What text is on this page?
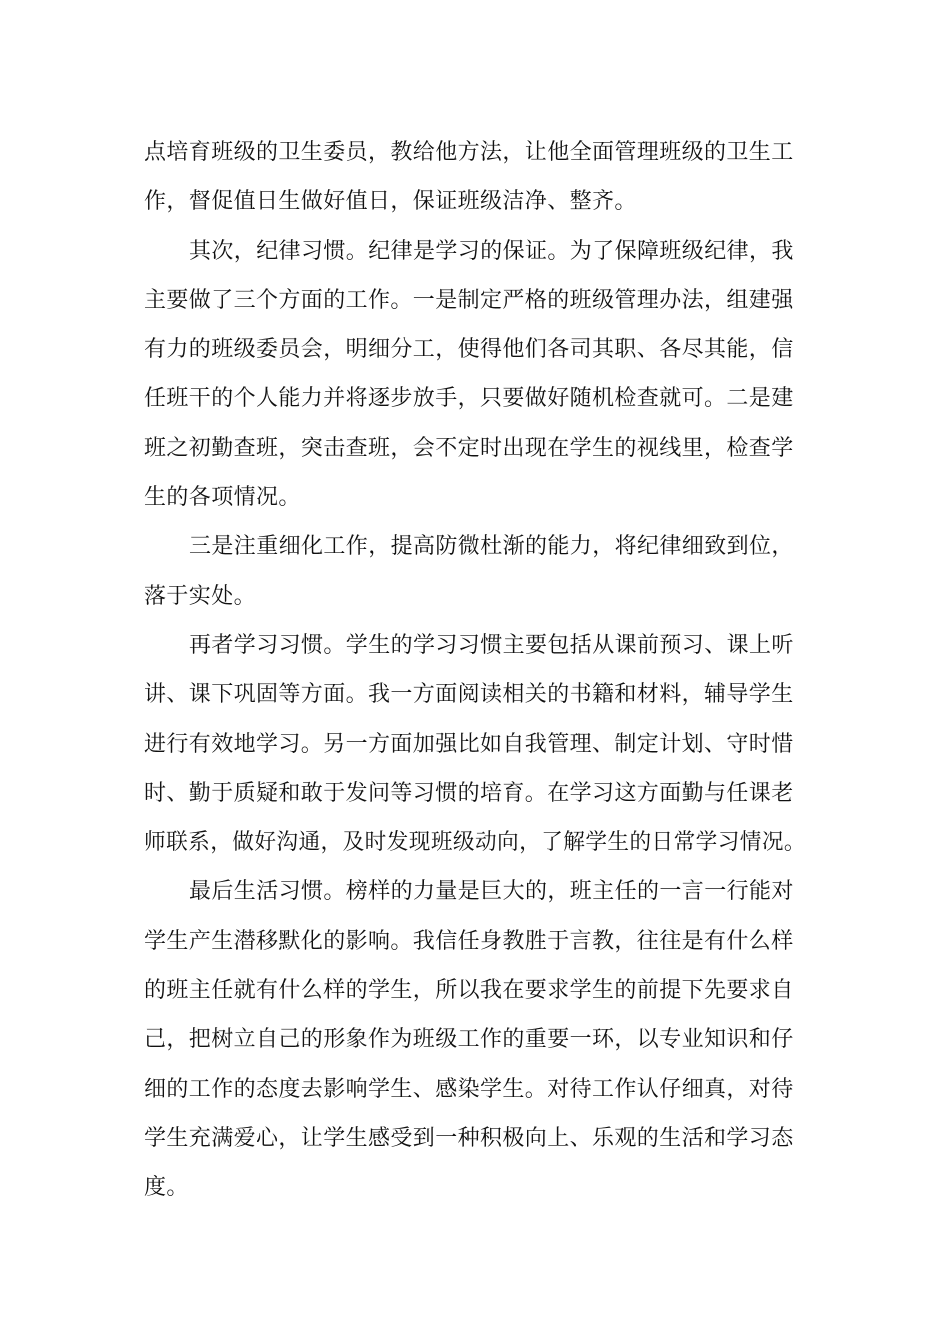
点培育班级的卫生委员，教给他方法，让他全面管理班级的卫生工
作，督促值日生做好值日，保证班级洁净、整齐。
其次，纪律习惯。纪律是学习的保证。为了保障班级纪律，我
主要做了三个方面的工作。一是制定严格的班级管理办法，组建强
有力的班级委员会，明细分工，使得他们各司其职、各尽其能，信
任班干的个人能力并将逐步放手，只要做好随机检查就可。二是建
班之初勤查班，突击查班，会不定时出现在学生的视线里，检查学
生的各项情况。
三是注重细化工作，提高防微杜渐的能力，将纪律细致到位，
落于实处。
再者学习习惯。学生的学习习惯主要包括从课前预习、课上听
讲、课下巩固等方面。我一方面阅读相关的书籍和材料，辅导学生
进行有效地学习。另一方面加强比如自我管理、制定计划、守时惜
时、勤于质疑和敢于发问等习惯的培育。在学习这方面勤与任课老
师联系，做好沟通，及时发现班级动向，了解学生的日常学习情况。
最后生活习惯。榜样的力量是巨大的，班主任的一言一行能对
学生产生潜移默化的影响。我信任身教胜于言教，往往是有什么样
的班主任就有什么样的学生，所以我在要求学生的前提下先要求自
己，把树立自己的形象作为班级工作的重要一环，以专业知识和仔
细的工作的态度去影响学生、感染学生。对待工作认仔细真，对待
学生充满爱心，让学生感受到一种积极向上、乐观的生活和学习态
度。
